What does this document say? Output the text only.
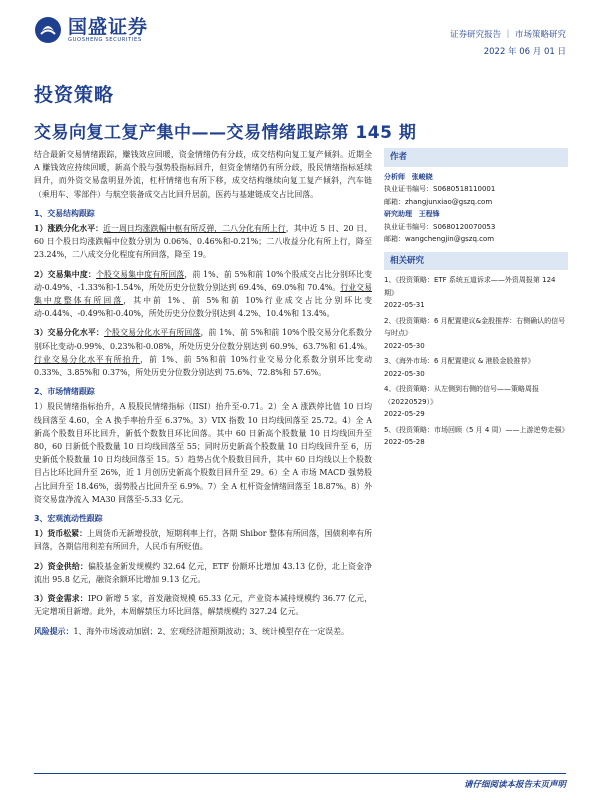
国盛证券
GUOSHENG SECURITIES	证券研究报告 ｜ 市场策略研究
2022 年 06 月 01 日
投资策略
交易向复工复产集中——交易情绪跟踪第 145 期

结合最新交易情绪跟踪，赚钱效应回暖，资金情绪仍有分歧，成交结构向复工复产倾斜。近期全 A 赚钱效应持续回暖，新高个股与强势股指标回升，但资金情绪仍有所分歧，股民情绪指标延续回升，而外资交易盘明显外流，杠杆情绪也有所下移，成交结构继续向复工复产倾斜，汽车链（乘用车、零部件）与航空装备成交占比回升居前，医药与基建链成交占比回落。

1、交易结构跟踪

1）涨跌分化水平：近一周日均涨跌幅中枢有所反弹，二八分化有所上行，其中近 5 日、20 日、60 日个股日均涨跌幅中位数分别为 0.06%、0.46%和-0.21%；二八收益分化有所上行，降至 23.24%，二八成交分化程度有所回落，降至 19。

2）交易集中度：个股交易集中度有所回落，前 1%、前 5%和前 10%个股成交占比分别环比变动-0.49%、-1.33%和-1.54%，所处历史分位数分别达到 69.4%、69.0%和 70.4%。行业交易集中度整体有所回落，其中前 1%、前 5%和前 10%行业成交占比分别环比变动-0.44%、-0.49%和-0.40%，所处历史分位数分别达到 4.2%、10.4%和 13.4%。

3）交易分化水平：个股交易分化水平有所回落，前 1%、前 5%和前 10%个股交易分化系数分别环比变动-0.99%、0.23%和-0.08%，所处历史分位数分别达到 60.9%、63.7%和 61.4%。行业交易分化水平有所抬升，前 1%、前 5%和前 10%行业交易分化系数分别环比变动 0.33%、3.85%和 0.37%，所处历史分位数分别达到 75.6%、72.8%和 57.6%。

2、市场情绪跟踪

1）股民情绪指标抬升，A 股股民情绪指标（IISI）抬升至-0.71。2）全 A 涨跌停比值 10 日均线回落至 4.60，全 A 换手率抬升至 6.37%。3）VIX 指数 10 日均线回落至 25.72。4）全 A 新高个股数目环比回升，新低个数数目环比回落。其中 60 日新高个股数量 10 日均线回升至 80，60 日新低个股数量 10 日均线回落至 55；同时历史新高个股数量 10 日均线回升至 6，历史新低个股数量 10 日均线回落至 15。5）趋势占优个股数目回升，其中 60 日均线以上个股数目占比环比回升至 26%，近 1 月创历史新高个股数目回升至 29。6）全 A 市场 MACD 强势股占比回升至 18.46%，弱势股占比回升至 6.9%。7）全 A 杠杆资金情绪回落至 18.87%。8）外资交易盘净流入 MA30 回落至-5.33 亿元。

3、宏观流动性跟踪

1）货币松紧：上周货币无新增投放，短期利率上行，各期 Shibor 整体有所回落，国债利率有所回落，各期信用利差有所回升，人民币有所贬值。

2）资金供给：偏股基金新发规模约 32.64 亿元，ETF 份额环比增加 43.13 亿份，北上资金净流出 95.8 亿元，融资余额环比增加 9.13 亿元。

3）资金需求：IPO 新增 5 家，首发融资规模 65.33 亿元，产业资本减持规模约 36.77 亿元，无定增项目新增。此外，本周解禁压力环比回落，解禁规模约 327.24 亿元。

风险提示：1、海外市场波动加剧；2、宏观经济超预期波动；3、统计模型存在一定误差。

作者
分析师 张峻晓
执业证书编号：S0680518110001
邮箱：zhangjunxiao@gszq.com
研究助理 王程锋
执业证书编号：S0680120070053
邮箱：wangchengjin@gszq.com
相关研究
1、《投资策略：ETF 系统五道诉求——外资周报第 124 期》
2022-05-31
2、《投资策略：6 月配置建议&金股推荐：右侧确认的信号与时点》
2022-05-30
3、《海外市场：6 月配置建议 & 港股金股推荐》
2022-05-30
4、《投资策略：从左侧到右侧的信号——策略周报（20220529）》
2022-05-29
5、《投资策略：市场回顾（5 月 4 周）——上游逆势走强》
2022-05-28
请仔细阅读本报告末页声明
